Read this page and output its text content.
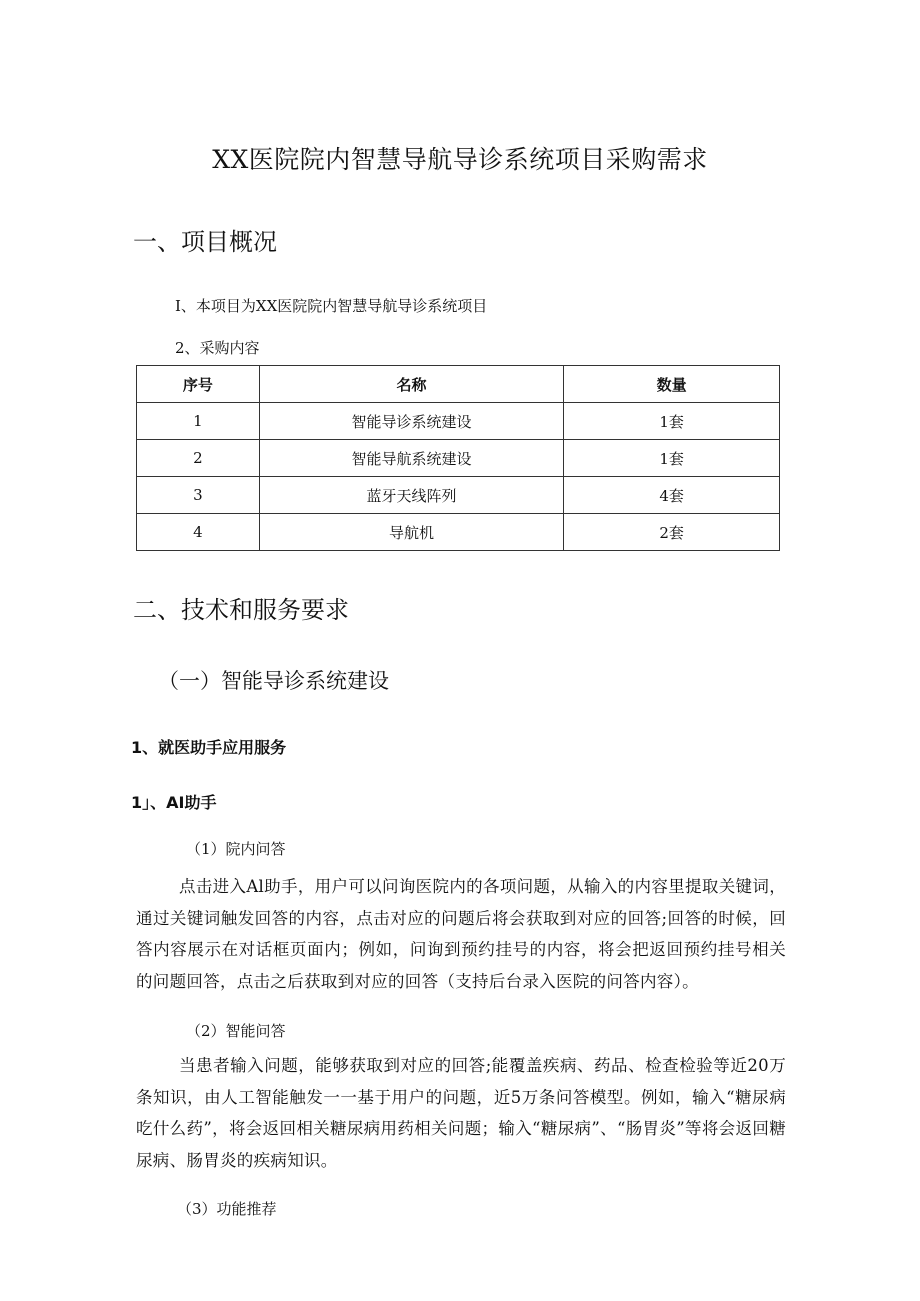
XX医院院内智慧导航导诊系统项目采购需求
一、项目概况
I、本项目为XX医院院内智慧导航导诊系统项目
2、采购内容
序号	名称	数量
1	智能导诊系统建设	1套
2	智能导航系统建设	1套
3	蓝牙天线阵列	4套
4	导航机	2套
二、技术和服务要求
（一）智能导诊系统建设
1、就医助手应用服务
1」、AI助手
（1）院内问答
点击进入Al助手，用户可以问询医院内的各项问题，从输入的内容里提取关键词，通过关键词触发回答的内容，点击对应的问题后将会获取到对应的回答;回答的时候，回答内容展示在对话框页面内；例如，问询到预约挂号的内容，将会把返回预约挂号相关的问题回答，点击之后获取到对应的回答（支持后台录入医院的问答内容）。
（2）智能问答
当患者输入问题，能够获取到对应的回答;能覆盖疾病、药品、检查检验等近20万条知识，由人工智能触发一一基于用户的问题，近5万条问答模型。例如，输入“糖尿病吃什么药”，将会返回相关糖尿病用药相关问题；输入“糖尿病”、“肠胃炎”等将会返回糖尿病、肠胃炎的疾病知识。
（3）功能推荐
